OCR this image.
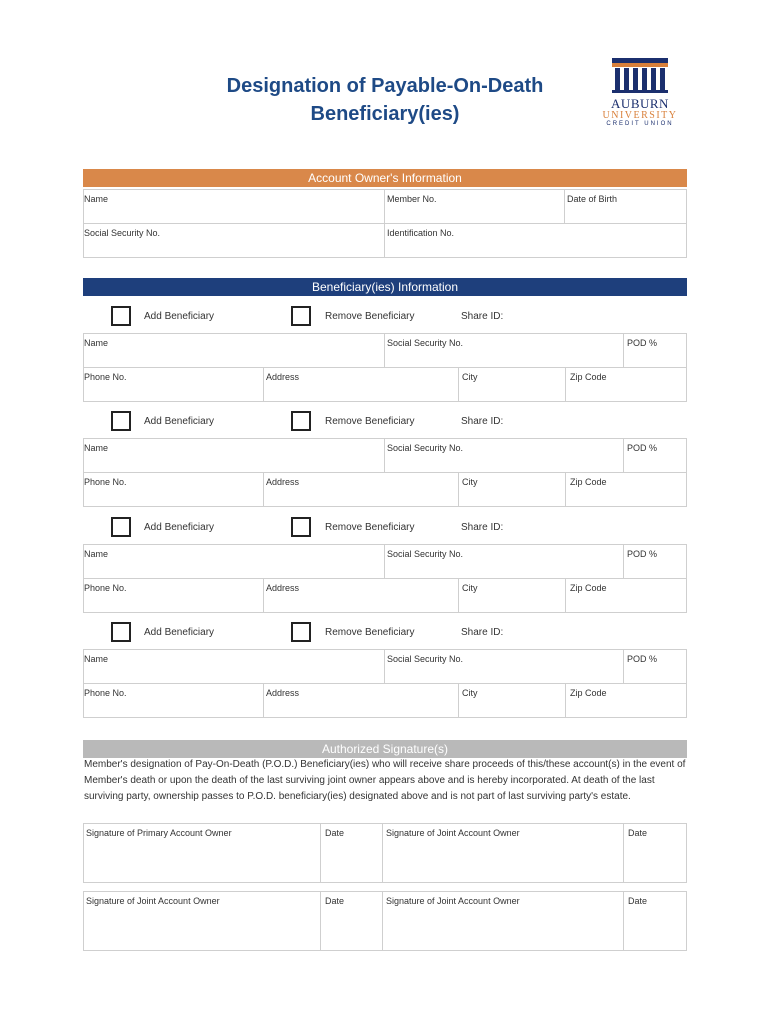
Designation of Payable-On-Death
Beneficiary(ies)	AUBURN
UNIVERSITY
CREDIT UNION
Account Owner's Information
Name	Member No.	Date of Birth
Social Security No.	Identification No.
Beneficiary(ies) Information
Add Beneficiary	Remove Beneficiary	Share ID:
Name	Social Security No.	POD %
Phone No.	Address	City	Zip Code
Add Beneficiary	Remove Beneficiary	Share ID:
Name	Social Security No.	POD %
Phone No.	Address	City	Zip Code
Add Beneficiary	Remove Beneficiary	Share ID:
Name	Social Security No.	POD %
Phone No.	Address	City	Zip Code
Add Beneficiary	Remove Beneficiary	Share ID:
Name	Social Security No.	POD %
Phone No.	Address	City	Zip Code
Authorized Signature(s)
Member's designation of Pay-On-Death (P.O.D.) Beneficiary(ies) who will receive share proceeds of this/these account(s) in the event of Member's death or upon the death of the last surviving joint owner appears above and is hereby incorporated. At death of the last surviving party, ownership passes to P.O.D. beneficiary(ies) designated above and is not part of last surviving party's estate.
Signature of Primary Account Owner	Date	Signature of Joint Account Owner	Date
Signature of Joint Account Owner	Date	Signature of Joint Account Owner	Date
